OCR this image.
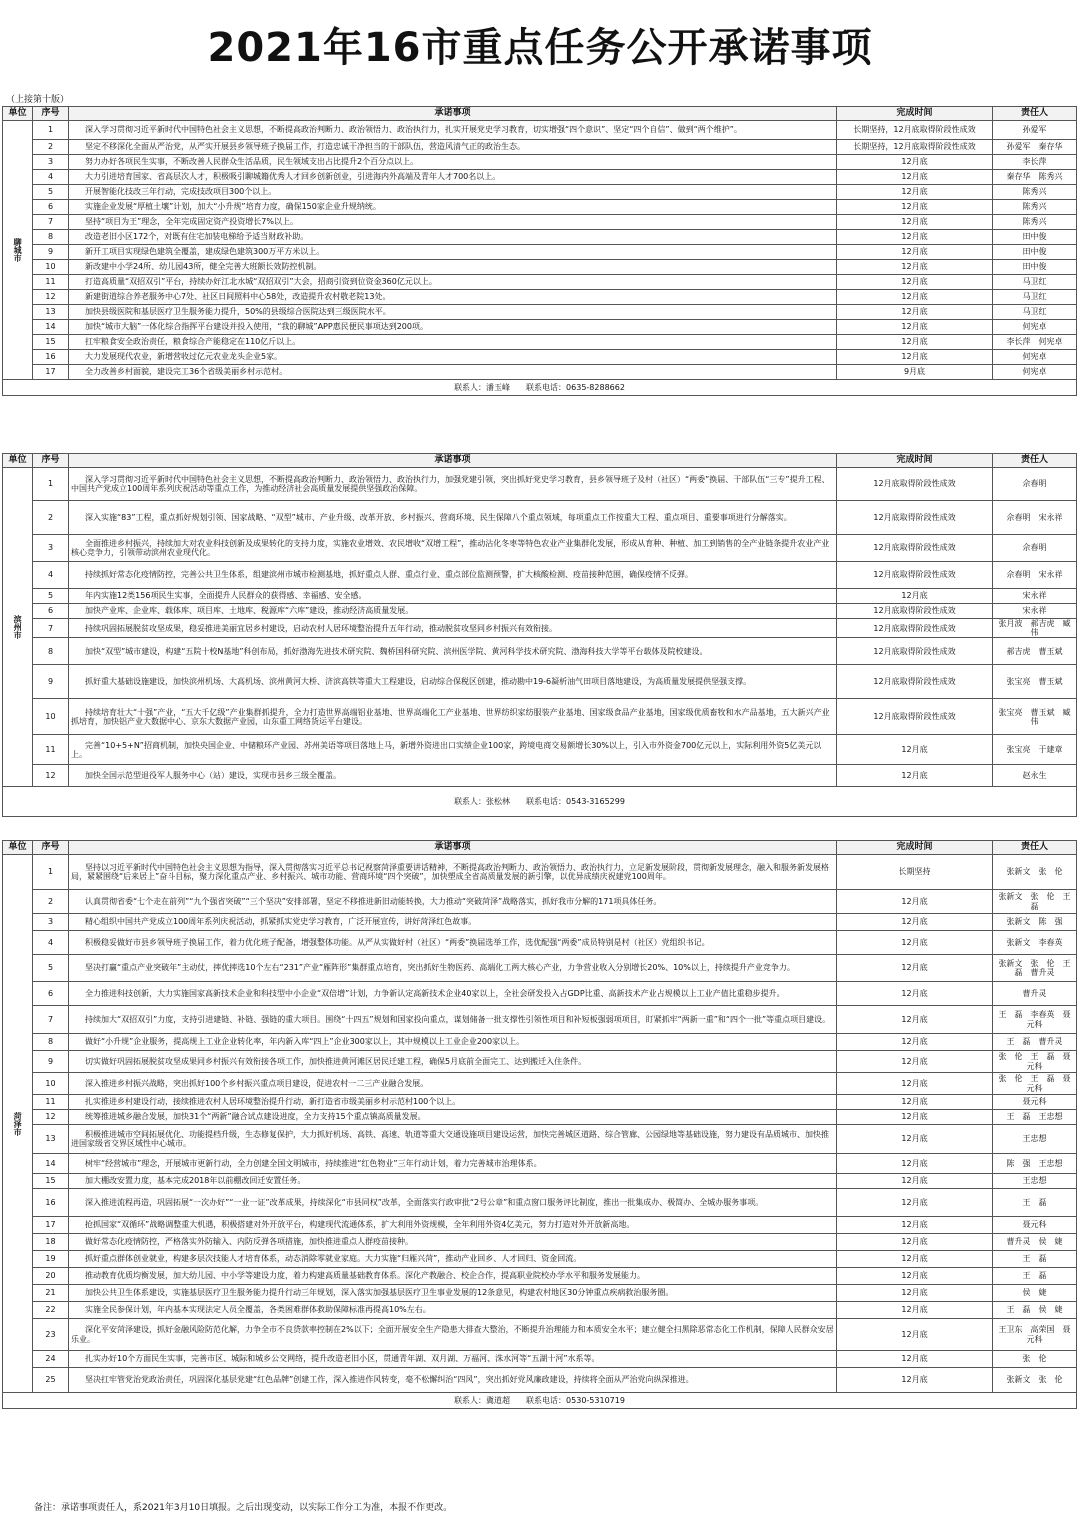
2021年16市重点任务公开承诺事项
（上接第十版）
单位	序号	承诺事项	完成时间	责任人
聊城市	1	深入学习贯彻习近平新时代中国特色社会主义思想，不断提高政治判断力、政治领悟力、政治执行力，扎实开展党史学习教育，切实增强“四个意识”、坚定“四个自信”、做到“两个维护”。	长期坚持，12月底取得阶段性成效	孙爱军
	2	坚定不移深化全面从严治党，从严实开展县乡领导班子换届工作，打造忠诚干净担当的干部队伍，营造风清气正的政治生态。	长期坚持，12月底取得阶段性成效	孙爱军　秦存华
	3	努力办好各项民生实事，不断改善人民群众生活品质，民生领域支出占比提升2个百分点以上。	12月底	李长萍
	4	大力引进培育国家、省高层次人才，积极吸引聊城籍优秀人才回乡创新创业，引进海内外高端及青年人才700名以上。	12月底	秦存华　陈秀兴
	5	开展智能化技改三年行动，完成技改项目300个以上。	12月底	陈秀兴
	6	实施企业发展“厚植土壤”计划，加大“小升规”培育力度，确保150家企业升规纳统。	12月底	陈秀兴
	7	坚持“项目为王”理念，全年完成固定资产投资增长7%以上。	12月底	陈秀兴
	8	改造老旧小区172个，对既有住宅加装电梯给予适当财政补助。	12月底	田中俊
	9	新开工项目实现绿色建筑全覆盖，建成绿色建筑300万平方米以上。	12月底	田中俊
	10	新改建中小学24所、幼儿园43所，健全完善大班额长效防控机制。	12月底	田中俊
	11	打造高质量“双招双引”平台，持续办好江北水城“双招双引”大会，招商引资到位资金360亿元以上。	12月底	马卫红
	12	新建街道综合养老服务中心7处、社区日间照料中心58处，改造提升农村敬老院13处。	12月底	马卫红
	13	加快县级医院和基层医疗卫生服务能力提升，50%的县级综合医院达到三级医院水平。	12月底	马卫红
	14	加快“城市大脑”一体化综合指挥平台建设并投入使用，“我的聊城”APP惠民便民事项达到200项。	12月底	何宪卓
	15	扛牢粮食安全政治责任，粮食综合产能稳定在110亿斤以上。	12月底	李长萍　何宪卓
	16	大力发展现代农业，新增营收过亿元农业龙头企业5家。	12月底	何宪卓
	17	全力改善乡村面貌，建设完工36个省级美丽乡村示范村。	9月底	何宪卓
联系人：潘玉峰　　联系电话：0635-8288662				
单位	序号	承诺事项	完成时间	责任人
滨州市	1	深入学习贯彻习近平新时代中国特色社会主义思想，不断提高政治判断力、政治领悟力、政治执行力，加强党建引领，突出抓好党史学习教育，县乡领导班子及村（社区）“两委”换届、干部队伍“三专”提升工程、中国共产党成立100周年系列庆祝活动等重点工作，为推动经济社会高质量发展提供坚强政治保障。	12月底取得阶段性成效	佘春明
	2	深入实施“83”工程，重点抓好规划引领、国家战略、“双型”城市、产业升级、改革开放、乡村振兴、营商环境、民生保障八个重点领域，每项重点工作按重大工程、重点项目、重要事项进行分解落实。	12月底取得阶段性成效	佘春明　宋永祥
	3	全面推进乡村振兴，持续加大对农业科技创新及成果转化的支持力度，实施农业增效、农民增收“双增工程”，推动沾化冬枣等特色农业产业集群化发展，形成从育种、种植、加工到销售的全产业链条提升农业产业核心竞争力，引领带动滨州农业现代化。	12月底取得阶段性成效	佘春明
	4	持续抓好常态化疫情防控，完善公共卫生体系，组建滨州市城市检测基地，抓好重点人群、重点行业、重点部位监测预警，扩大核酸检测、疫苗接种范围，确保疫情不反弹。	12月底取得阶段性成效	佘春明　宋永祥
	5	年内实施12类156项民生实事，全面提升人民群众的获得感、幸福感、安全感。	12月底	宋永祥
	6	加快产业库、企业库、载体库、项目库、土地库、税源库“六库”建设，推动经济高质量发展。	12月底取得阶段性成效	宋永祥
	7	持续巩固拓展脱贫攻坚成果，稳妥推进美丽宜居乡村建设，启动农村人居环境整治提升五年行动，推动脱贫攻坚同乡村振兴有效衔接。	12月底取得阶段性成效	张月波　郝吉虎　臧　伟
	8	加快“双型”城市建设，构建“五院十校N基地”科创布局，抓好渤海先进技术研究院、魏桥国科研究院、滨州医学院、黄河科学技术研究院、渤海科技大学等平台载体及院校建设。	12月底取得阶段性成效	郝吉虎　曹玉斌
	9	抓好重大基础设施建设，加快滨州机场、大高机场、滨州黄河大桥、济滨高铁等重大工程建设，启动综合保税区创建，推动勘中19-6凝析油气田项目落地建设，为高质量发展提供坚强支撑。	12月底取得阶段性成效	张宝亮　曹玉斌
	10	持续培育壮大“十强”产业，“五大千亿级”产业集群抓提升，全力打造世界高端铝业基地、世界高端化工产业基地、世界纺织家纺服装产业基地、国家级食品产业基地，国家级优质畜牧和水产品基地，五大新兴产业抓培育，加快铝产业大数据中心、京东大数据产业园，山东重工网络货运平台建设。	12月底取得阶段性成效	张宝亮　曹玉斌　臧　伟
	11	完善“10+5+N”招商机制，加快央国企业、中储粮环产业园、苏州美语等项目落地上马，新增外资进出口实绩企业100家，跨境电商交易额增长30%以上，引入市外资金700亿元以上，实际利用外资5亿美元以上。	12月底	张宝亮　于建章
	12	加快全国示范型退役军人服务中心（站）建设，实现市县乡三级全覆盖。	12月底	赵永生
联系人：张松林　　联系电话：0543-3165299				
单位	序号	承诺事项	完成时间	责任人
菏泽市	1	坚持以习近平新时代中国特色社会主义思想为指导，深入贯彻落实习近平总书记视察菏泽重要讲话精神，不断提高政治判断力、政治领悟力、政治执行力，立足新发展阶段，贯彻新发展理念，融入和服务新发展格局，紧紧围绕“后来居上”奋斗目标，聚力深化重点产业、乡村振兴、城市功能、营商环境“四个突破”，加快塑成全省高质量发展的新引擎，以优异成绩庆祝建党100周年。	长期坚持	张新文　张　伦
	2	认真贯彻省委“七个走在前列”“九个强省突破”“三个坚决”安排部署，坚定不移推进新旧动能转换，大力推动“突破菏泽”战略落实，抓好我市分解的171项具体任务。	12月底	张新文　张　伦　王　磊
	3	精心组织中国共产党成立100周年系列庆祝活动，抓紧抓实党史学习教育，广泛开展宣传，讲好菏泽红色故事。	12月底	张新文　陈　强
	4	积极稳妥做好市县乡领导班子换届工作，着力优化班子配备，增强整体功能。从严从实做好村（社区）“两委”换届选举工作，选优配强“两委”成员特别是村（社区）党组织书记。	12月底	张新文　李春英
	5	坚决打赢“重点产业突破年”主动仗，摔优摔选10个左右“231”产业“雁阵形”集群重点培育，突出抓好生物医药、高端化工两大核心产业，力争营业收入分别增长20%、10%以上，持续提升产业竞争力。	12月底	张新文　张　伦　王　磊　曹升灵
	6	全力推进科技创新，大力实施国家高新技术企业和科技型中小企业“双倍增”计划，力争新认定高新技术企业40家以上，全社会研发投入占GDP比重、高新技术产业占规模以上工业产值比重稳步提升。	12月底	曹升灵
	7	持续加大“双招双引”力度，支持引进建链、补链、强链的重大项目。围绕“十四五”规划和国家投向重点，谋划储备一批支撑性引领性项目和补短板强弱项项目，盯紧抓牢“两新一重”和“四个一批”等重点项目建设。	12月底	王　磊　李春英　聂元科
	8	做好“小升规”企业服务，提高规上工业企业转化率，年内新入库“四上”企业300家以上，其中规模以上工业企业200家以上。	12月底	王　磊　曹升灵
	9	切实做好巩固拓展脱贫攻坚成果同乡村振兴有效衔接各项工作，加快推进黄河滩区居民迁建工程，确保5月底前全面完工、达到搬迁入住条件。	12月底	张　伦　王　磊　聂元科
	10	深入推进乡村振兴战略，突出抓好100个乡村振兴重点项目建设，促进农村一二三产业融合发展。	12月底	张　伦　王　磊　聂元科
	11	扎实推进乡村建设行动，接续推进农村人居环境整治提升行动，新打造省市级美丽乡村示范村100个以上。	12月底	聂元科
	12	统筹推进城乡融合发展，加快31个“两新”融合试点建设进度，全力支持15个重点镇高质量发展。	12月底	王　磊　王忠想
	13	积极推进城市空间拓展优化、功能提档升级，生态修复保护，大力抓好机场、高铁、高速、轨道等重大交通设施项目建设运营，加快完善城区道路、综合管廊、公园绿地等基础设施，努力建设有品质城市、加快推进国家级省交界区域性中心城市。	12月底	王忠想
	14	树牢“经营城市”理念，开展城市更新行动，全力创建全国文明城市，持续推进“红色物业”三年行动计划，着力完善城市治理体系。	12月底	陈　强　王忠想
	15	加大棚改安置力度，基本完成2018年以前棚改回迁安置任务。	12月底	王忠想
	16	深入推进流程再造，巩固拓展“一次办好”“一业一证”改革成果，持续深化“市县同权”改革，全面落实行政审批“2号公章”和重点窗口服务评比制度，推出一批集成办、极简办、全城办服务事项。	12月底	王　磊
	17	抢抓国家“双循环”战略调整重大机遇，积极搭建对外开放平台，构建现代流通体系，扩大利用外资规模，全年利用外资4亿美元，努力打造对外开放新高地。	12月底	聂元科
	18	做好常态化疫情防控，严格落实外防输入、内防反弹各项措施，加快推进重点人群疫苗接种。	12月底	曹升灵　侯　婕
	19	抓好重点群体创业就业，构建多层次技能人才培育体系，动态消除零就业家庭。大力实施“归雁兴菏”，推动产业回乡、人才回归、资金回流。	12月底	王　磊
	20	推动教育优质均衡发展，加大幼儿园、中小学等建设力度，着力构建高质量基础教育体系。深化产教融合、校企合作，提高职业院校办学水平和服务发展能力。	12月底	王　磊
	21	加快公共卫生体系建设，实施基层医疗卫生服务能力提升行动三年规划，深入落实加强基层医疗卫生事业发展的12条意见，构建农村地区30分钟重点疾病救治服务圈。	12月底	侯　婕
	22	实施全民参保计划，年内基本实现法定人员全覆盖，各类困难群体救助保障标准再提高10%左右。	12月底	王　磊　侯　婕
	23	深化平安菏泽建设，抓好金融风险防范化解，力争全市不良贷款率控制在2%以下；全面开展安全生产隐患大排查大整治，不断提升治理能力和本质安全水平；建立健全扫黑除恶常态化工作机制，保障人民群众安居乐业。	12月底	王卫东　高荣国　聂元科
	24	扎实办好10个方面民生实事，完善市区、城际和城乡公交网络，提升改造老旧小区，贯通青年湖、双月湖、万福河、洙水河等“五湖十河”水系等。	12月底	张　伦
	25	坚决扛牢管党治党政治责任，巩固深化基层党建“红色品牌”创建工作，深入推进作风转变，毫不松懈纠治“四风”，突出抓好党风廉政建设，持续将全面从严治党向纵深推进。	12月底	张新文　张　伦
联系人：冀道超　　联系电话：0530-5310719				
备注：承诺事项责任人，系2021年3月10日填报。之后出现变动，以实际工作分工为准，本报不作更改。
